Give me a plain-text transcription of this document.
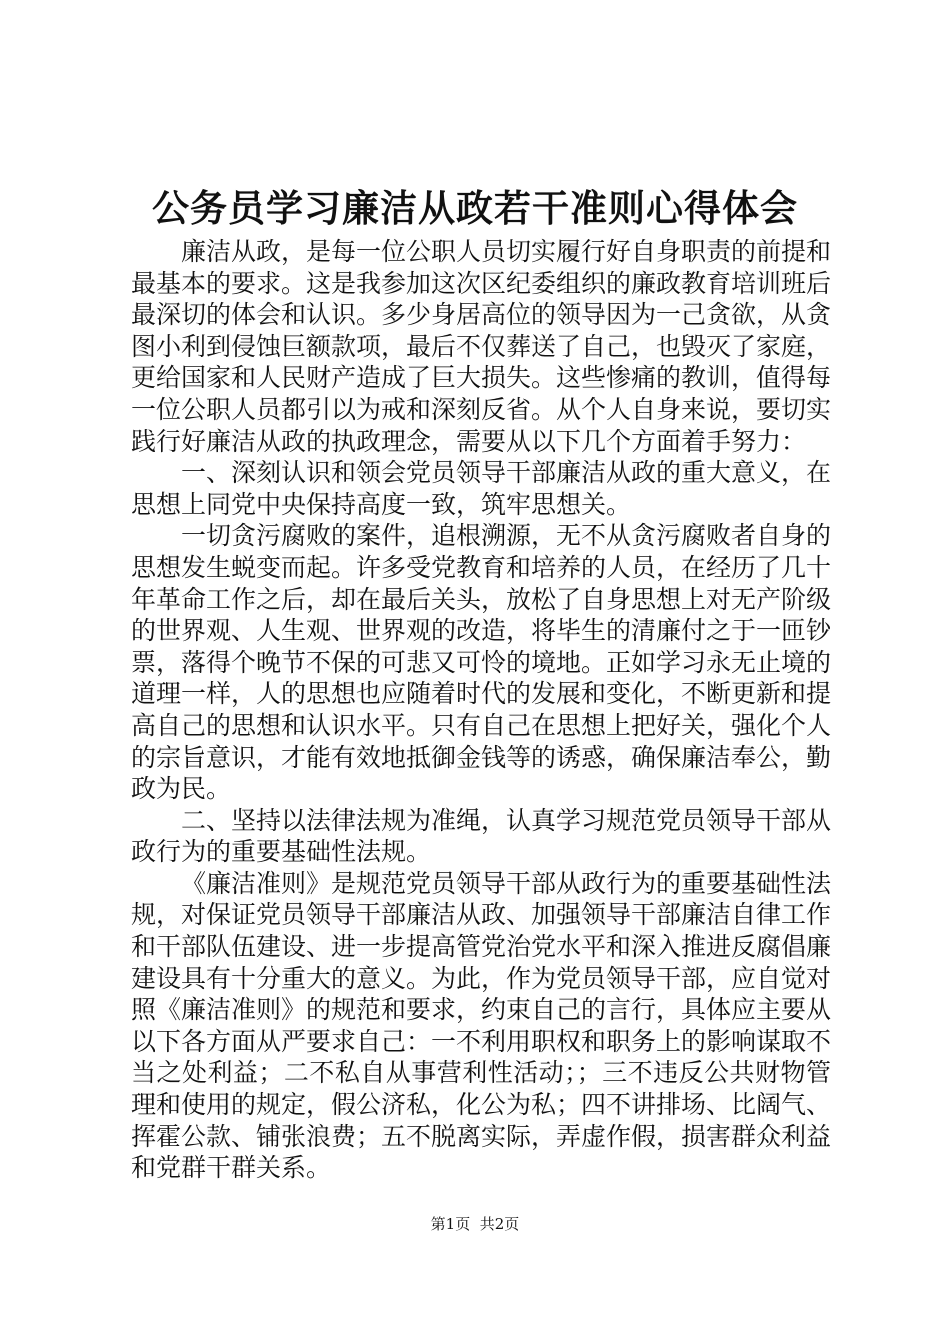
公务员学习廉洁从政若干准则心得体会

廉洁从政，是每一位公职人员切实履行好自身职责的前提和最基本的要求。这是我参加这次区纪委组织的廉政教育培训班后最深切的体会和认识。多少身居高位的领导因为一己贪欲，从贪图小利到侵蚀巨额款项，最后不仅葬送了自己，也毁灭了家庭，更给国家和人民财产造成了巨大损失。这些惨痛的教训，值得每一位公职人员都引以为戒和深刻反省。从个人自身来说，要切实践行好廉洁从政的执政理念，需要从以下几个方面着手努力：

一、深刻认识和领会党员领导干部廉洁从政的重大意义，在思想上同党中央保持高度一致，筑牢思想关。

一切贪污腐败的案件，追根溯源，无不从贪污腐败者自身的思想发生蜕变而起。许多受党教育和培养的人员，在经历了几十年革命工作之后，却在最后关头，放松了自身思想上对无产阶级的世界观、人生观、世界观的改造，将毕生的清廉付之于一匝钞票，落得个晚节不保的可悲又可怜的境地。正如学习永无止境的道理一样，人的思想也应随着时代的发展和变化，不断更新和提高自己的思想和认识水平。只有自己在思想上把好关，强化个人的宗旨意识，才能有效地抵御金钱等的诱惑，确保廉洁奉公，勤政为民。

二、坚持以法律法规为准绳，认真学习规范党员领导干部从政行为的重要基础性法规。

《廉洁准则》是规范党员领导干部从政行为的重要基础性法规，对保证党员领导干部廉洁从政、加强领导干部廉洁自律工作和干部队伍建设、进一步提高管党治党水平和深入推进反腐倡廉建设具有十分重大的意义。为此，作为党员领导干部，应自觉对照《廉洁准则》的规范和要求，约束自己的言行，具体应主要从以下各方面从严要求自己：一不利用职权和职务上的影响谋取不当之处利益；二不私自从事营利性活动；；三不违反公共财物管理和使用的规定，假公济私，化公为私；四不讲排场、比阔气、挥霍公款、铺张浪费；五不脱离实际，弄虚作假，损害群众利益和党群干群关系。

第1页 共2页
